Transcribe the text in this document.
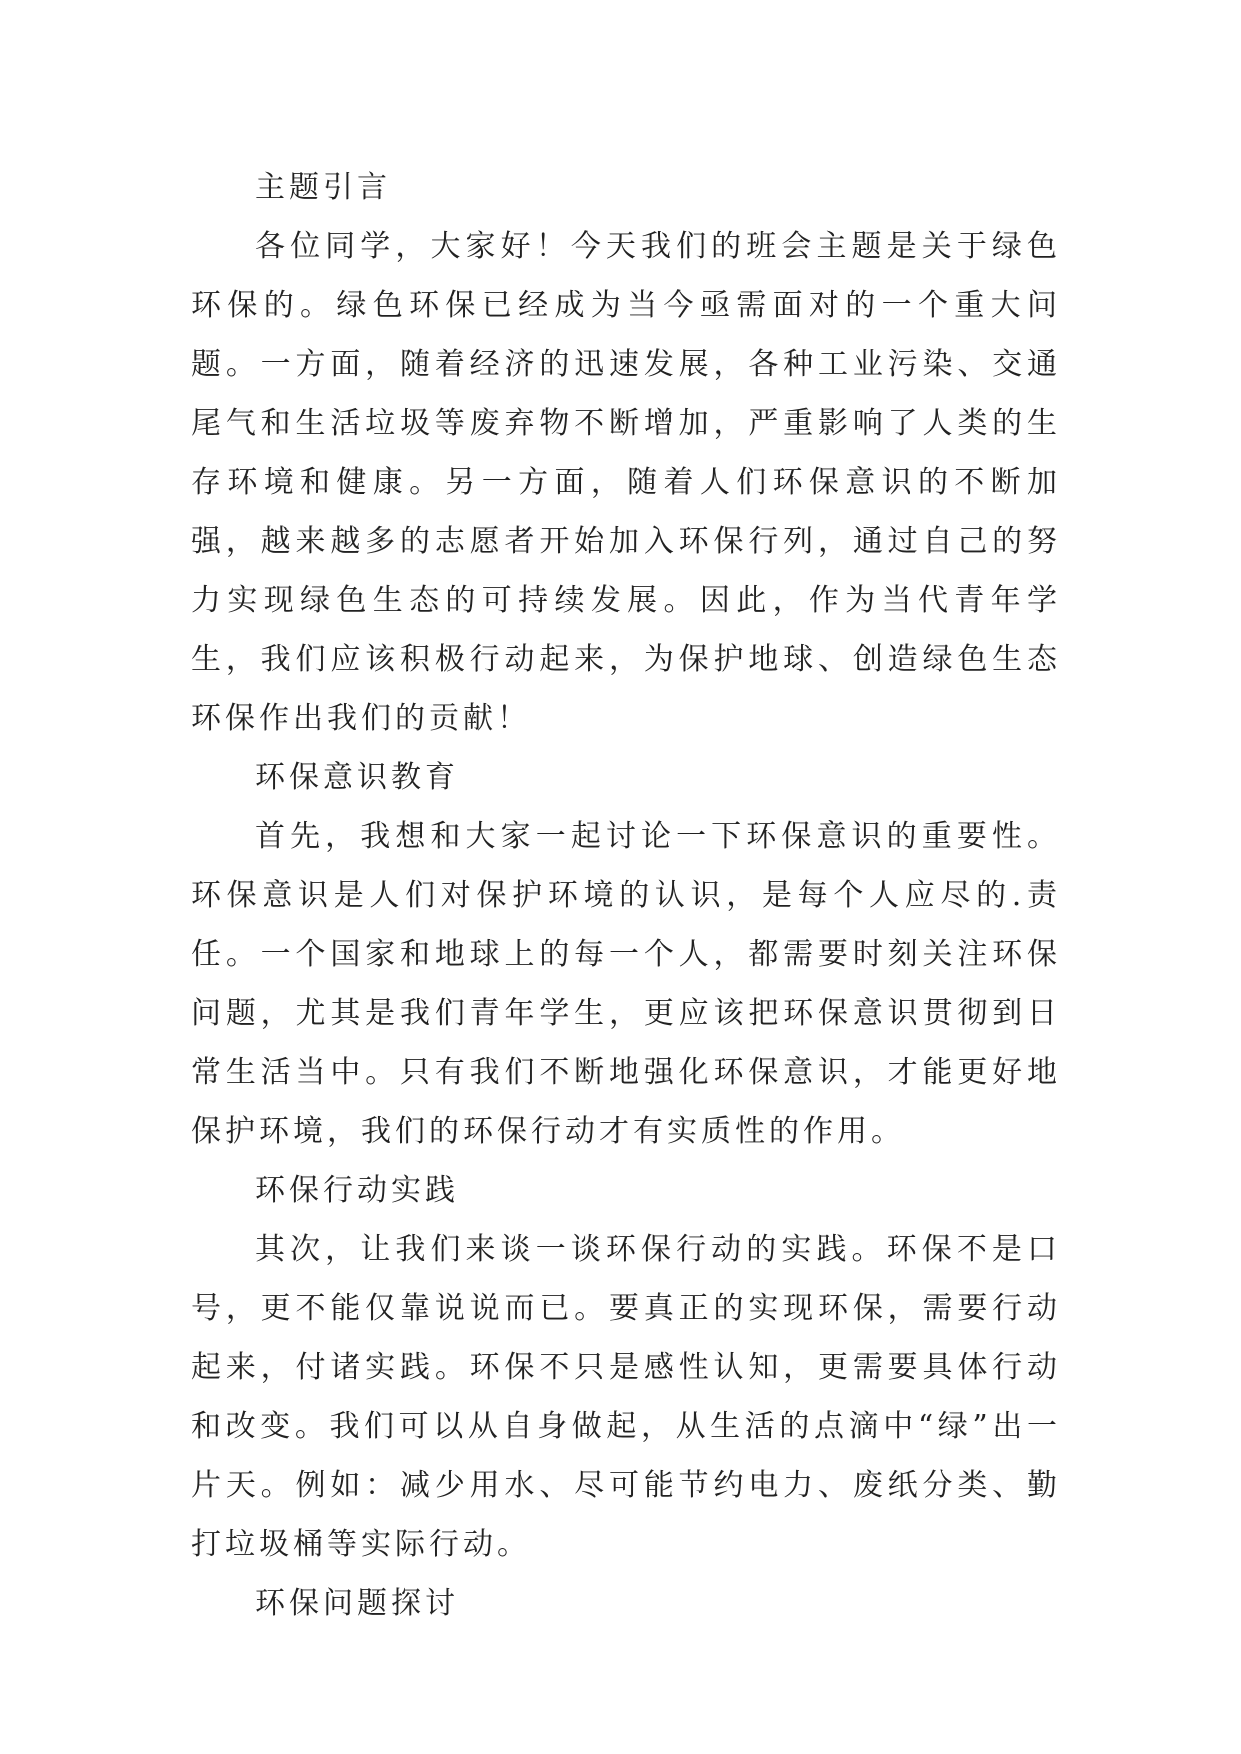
主题引言

各位同学，大家好！今天我们的班会主题是关于绿色环保的。绿色环保已经成为当今亟需面对的一个重大问题。一方面，随着经济的迅速发展，各种工业污染、交通尾气和生活垃圾等废弃物不断增加，严重影响了人类的生存环境和健康。另一方面，随着人们环保意识的不断加强，越来越多的志愿者开始加入环保行列，通过自己的努力实现绿色生态的可持续发展。因此，作为当代青年学生，我们应该积极行动起来，为保护地球、创造绿色生态环保作出我们的贡献！

环保意识教育

首先，我想和大家一起讨论一下环保意识的重要性。环保意识是人们对保护环境的认识，是每个人应尽的.责任。一个国家和地球上的每一个人，都需要时刻关注环保问题，尤其是我们青年学生，更应该把环保意识贯彻到日常生活当中。只有我们不断地强化环保意识，才能更好地保护环境，我们的环保行动才有实质性的作用。

环保行动实践

其次，让我们来谈一谈环保行动的实践。环保不是口号，更不能仅靠说说而已。要真正的实现环保，需要行动起来，付诸实践。环保不只是感性认知，更需要具体行动和改变。我们可以从自身做起，从生活的点滴中“绿”出一片天。例如：减少用水、尽可能节约电力、废纸分类、勤打垃圾桶等实际行动。

环保问题探讨
